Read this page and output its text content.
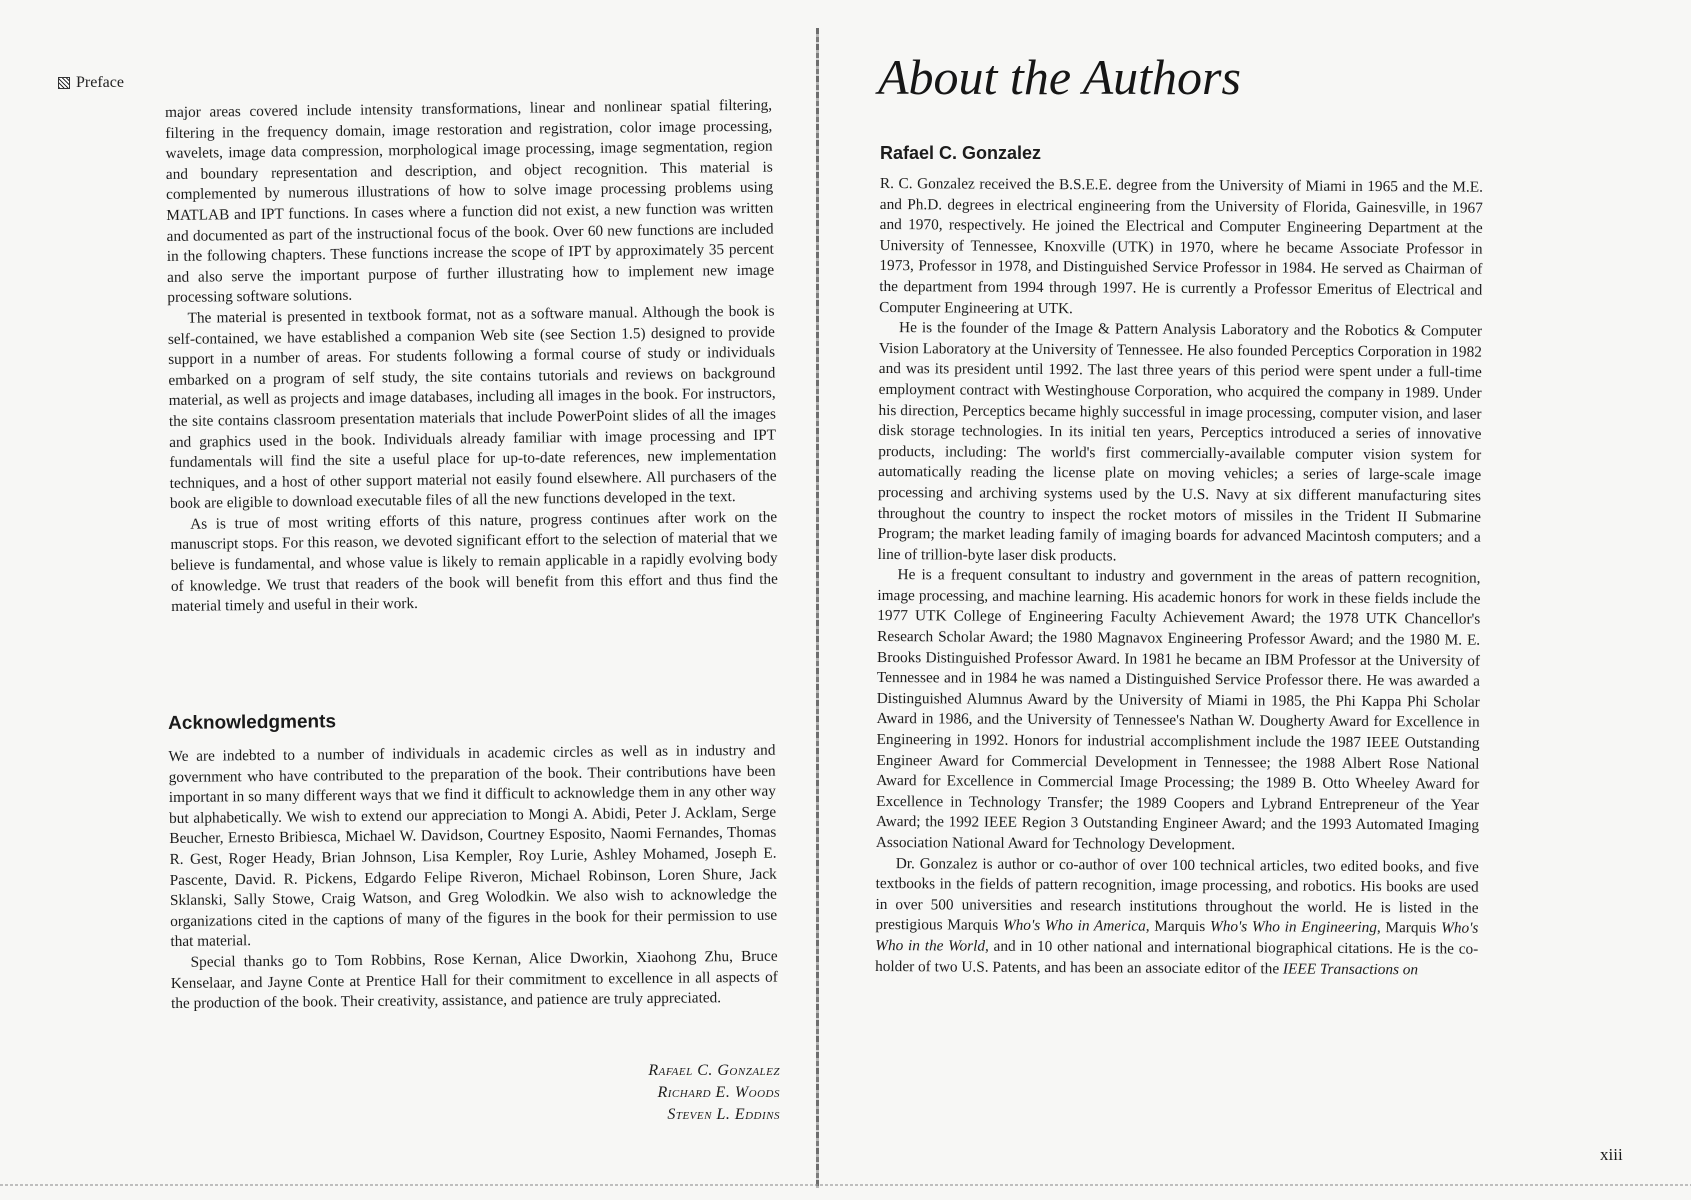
Preface

major areas covered include intensity transformations, linear and nonlinear spatial filtering, filtering in the frequency domain, image restoration and registration, color image processing, wavelets, image data compression, morphological image processing, image segmentation, region and boundary representation and description, and object recognition. This material is complemented by numerous illustrations of how to solve image processing problems using MATLAB and IPT functions. In cases where a function did not exist, a new function was written and documented as part of the instructional focus of the book. Over 60 new functions are included in the following chapters. These functions increase the scope of IPT by approximately 35 percent and also serve the important purpose of further illustrating how to implement new image processing software solutions.

The material is presented in textbook format, not as a software manual. Although the book is self-contained, we have established a companion Web site (see Section 1.5) designed to provide support in a number of areas. For students following a formal course of study or individuals embarked on a program of self study, the site contains tutorials and reviews on background material, as well as projects and image databases, including all images in the book. For instructors, the site contains classroom presentation materials that include PowerPoint slides of all the images and graphics used in the book. Individuals already familiar with image processing and IPT fundamentals will find the site a useful place for up-to-date references, new implementation techniques, and a host of other support material not easily found elsewhere. All purchasers of the book are eligible to download executable files of all the new functions developed in the text.

As is true of most writing efforts of this nature, progress continues after work on the manuscript stops. For this reason, we devoted significant effort to the selection of material that we believe is fundamental, and whose value is likely to remain applicable in a rapidly evolving body of knowledge. We trust that readers of the book will benefit from this effort and thus find the material timely and useful in their work.

Acknowledgments

We are indebted to a number of individuals in academic circles as well as in industry and government who have contributed to the preparation of the book. Their contributions have been important in so many different ways that we find it difficult to acknowledge them in any other way but alphabetically. We wish to extend our appreciation to Mongi A. Abidi, Peter J. Acklam, Serge Beucher, Ernesto Bribiesca, Michael W. Davidson, Courtney Esposito, Naomi Fernandes, Thomas R. Gest, Roger Heady, Brian Johnson, Lisa Kempler, Roy Lurie, Ashley Mohamed, Joseph E. Pascente, David. R. Pickens, Edgardo Felipe Riveron, Michael Robinson, Loren Shure, Jack Sklanski, Sally Stowe, Craig Watson, and Greg Wolodkin. We also wish to acknowledge the organizations cited in the captions of many of the figures in the book for their permission to use that material.

Special thanks go to Tom Robbins, Rose Kernan, Alice Dworkin, Xiaohong Zhu, Bruce Kenselaar, and Jayne Conte at Prentice Hall for their commitment to excellence in all aspects of the production of the book. Their creativity, assistance, and patience are truly appreciated.

Rafael C. Gonzalez
Richard E. Woods
Steven L. Eddins
About the Authors
Rafael C. Gonzalez

R. C. Gonzalez received the B.S.E.E. degree from the University of Miami in 1965 and the M.E. and Ph.D. degrees in electrical engineering from the University of Florida, Gainesville, in 1967 and 1970, respectively. He joined the Electrical and Computer Engineering Department at the University of Tennessee, Knoxville (UTK) in 1970, where he became Associate Professor in 1973, Professor in 1978, and Distinguished Service Professor in 1984. He served as Chairman of the department from 1994 through 1997. He is currently a Professor Emeritus of Electrical and Computer Engineering at UTK.

He is the founder of the Image & Pattern Analysis Laboratory and the Robotics & Computer Vision Laboratory at the University of Tennessee. He also founded Perceptics Corporation in 1982 and was its president until 1992. The last three years of this period were spent under a full-time employment contract with Westinghouse Corporation, who acquired the company in 1989. Under his direction, Perceptics became highly successful in image processing, computer vision, and laser disk storage technologies. In its initial ten years, Perceptics introduced a series of innovative products, including: The world's first commercially-available computer vision system for automatically reading the license plate on moving vehicles; a series of large-scale image processing and archiving systems used by the U.S. Navy at six different manufacturing sites throughout the country to inspect the rocket motors of missiles in the Trident II Submarine Program; the market leading family of imaging boards for advanced Macintosh computers; and a line of trillion-byte laser disk products.

He is a frequent consultant to industry and government in the areas of pattern recognition, image processing, and machine learning. His academic honors for work in these fields include the 1977 UTK College of Engineering Faculty Achievement Award; the 1978 UTK Chancellor's Research Scholar Award; the 1980 Magnavox Engineering Professor Award; and the 1980 M. E. Brooks Distinguished Professor Award. In 1981 he became an IBM Professor at the University of Tennessee and in 1984 he was named a Distinguished Service Professor there. He was awarded a Distinguished Alumnus Award by the University of Miami in 1985, the Phi Kappa Phi Scholar Award in 1986, and the University of Tennessee's Nathan W. Dougherty Award for Excellence in Engineering in 1992. Honors for industrial accomplishment include the 1987 IEEE Outstanding Engineer Award for Commercial Development in Tennessee; the 1988 Albert Rose National Award for Excellence in Commercial Image Processing; the 1989 B. Otto Wheeley Award for Excellence in Technology Transfer; the 1989 Coopers and Lybrand Entrepreneur of the Year Award; the 1992 IEEE Region 3 Outstanding Engineer Award; and the 1993 Automated Imaging Association National Award for Technology Development.

Dr. Gonzalez is author or co-author of over 100 technical articles, two edited books, and five textbooks in the fields of pattern recognition, image processing, and robotics. His books are used in over 500 universities and research institutions throughout the world. He is listed in the prestigious Marquis Who's Who in America, Marquis Who's Who in Engineering, Marquis Who's Who in the World, and in 10 other national and international biographical citations. He is the co-holder of two U.S. Patents, and has been an associate editor of the IEEE Transactions on

xiii
